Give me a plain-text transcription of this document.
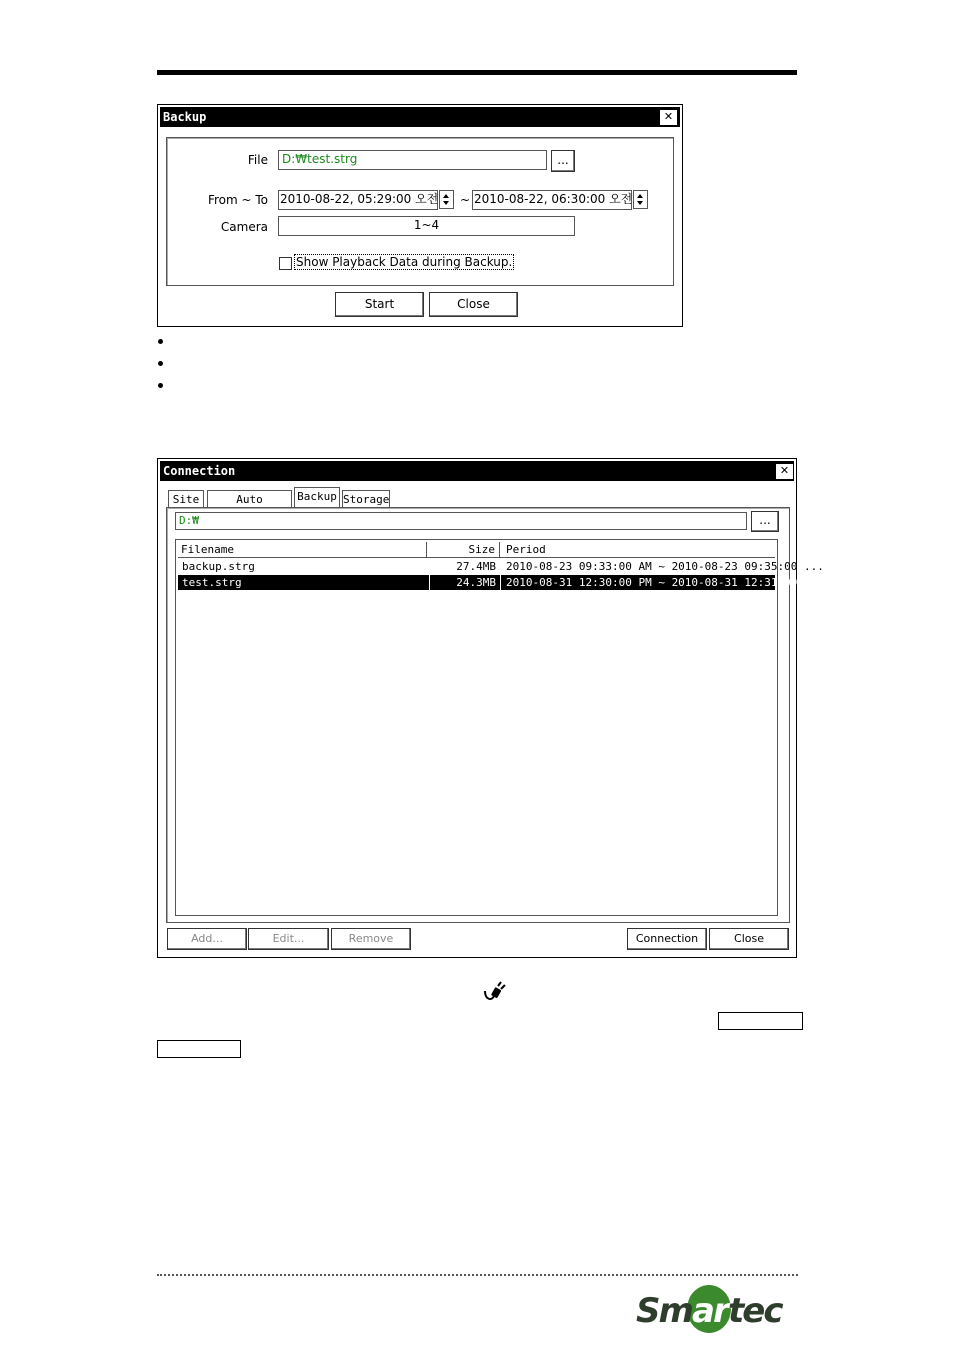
Backup	✕
File	D:₩test.strg	...
From ~ To 2010-08-22, 05:29:00 오전 ~ 2010-08-22, 06:30:00 오전
Camera	1~4
Show Playback Data during Backup.
Start	Close
Connection	✕
Site	Auto	Backup Storage
D:₩	...
Filename	Size	Period
backup.strg	27.4MB 2010-08-23 09:33:00 AM ~ 2010-08-23 09:35:00 ...
test.strg	24.3MB 2010-08-31 12:30:00 PM ~ 2010-08-31 12:31:00 PM
Add...	Edit...	Remove	Connection	Close
Sm ar tec
